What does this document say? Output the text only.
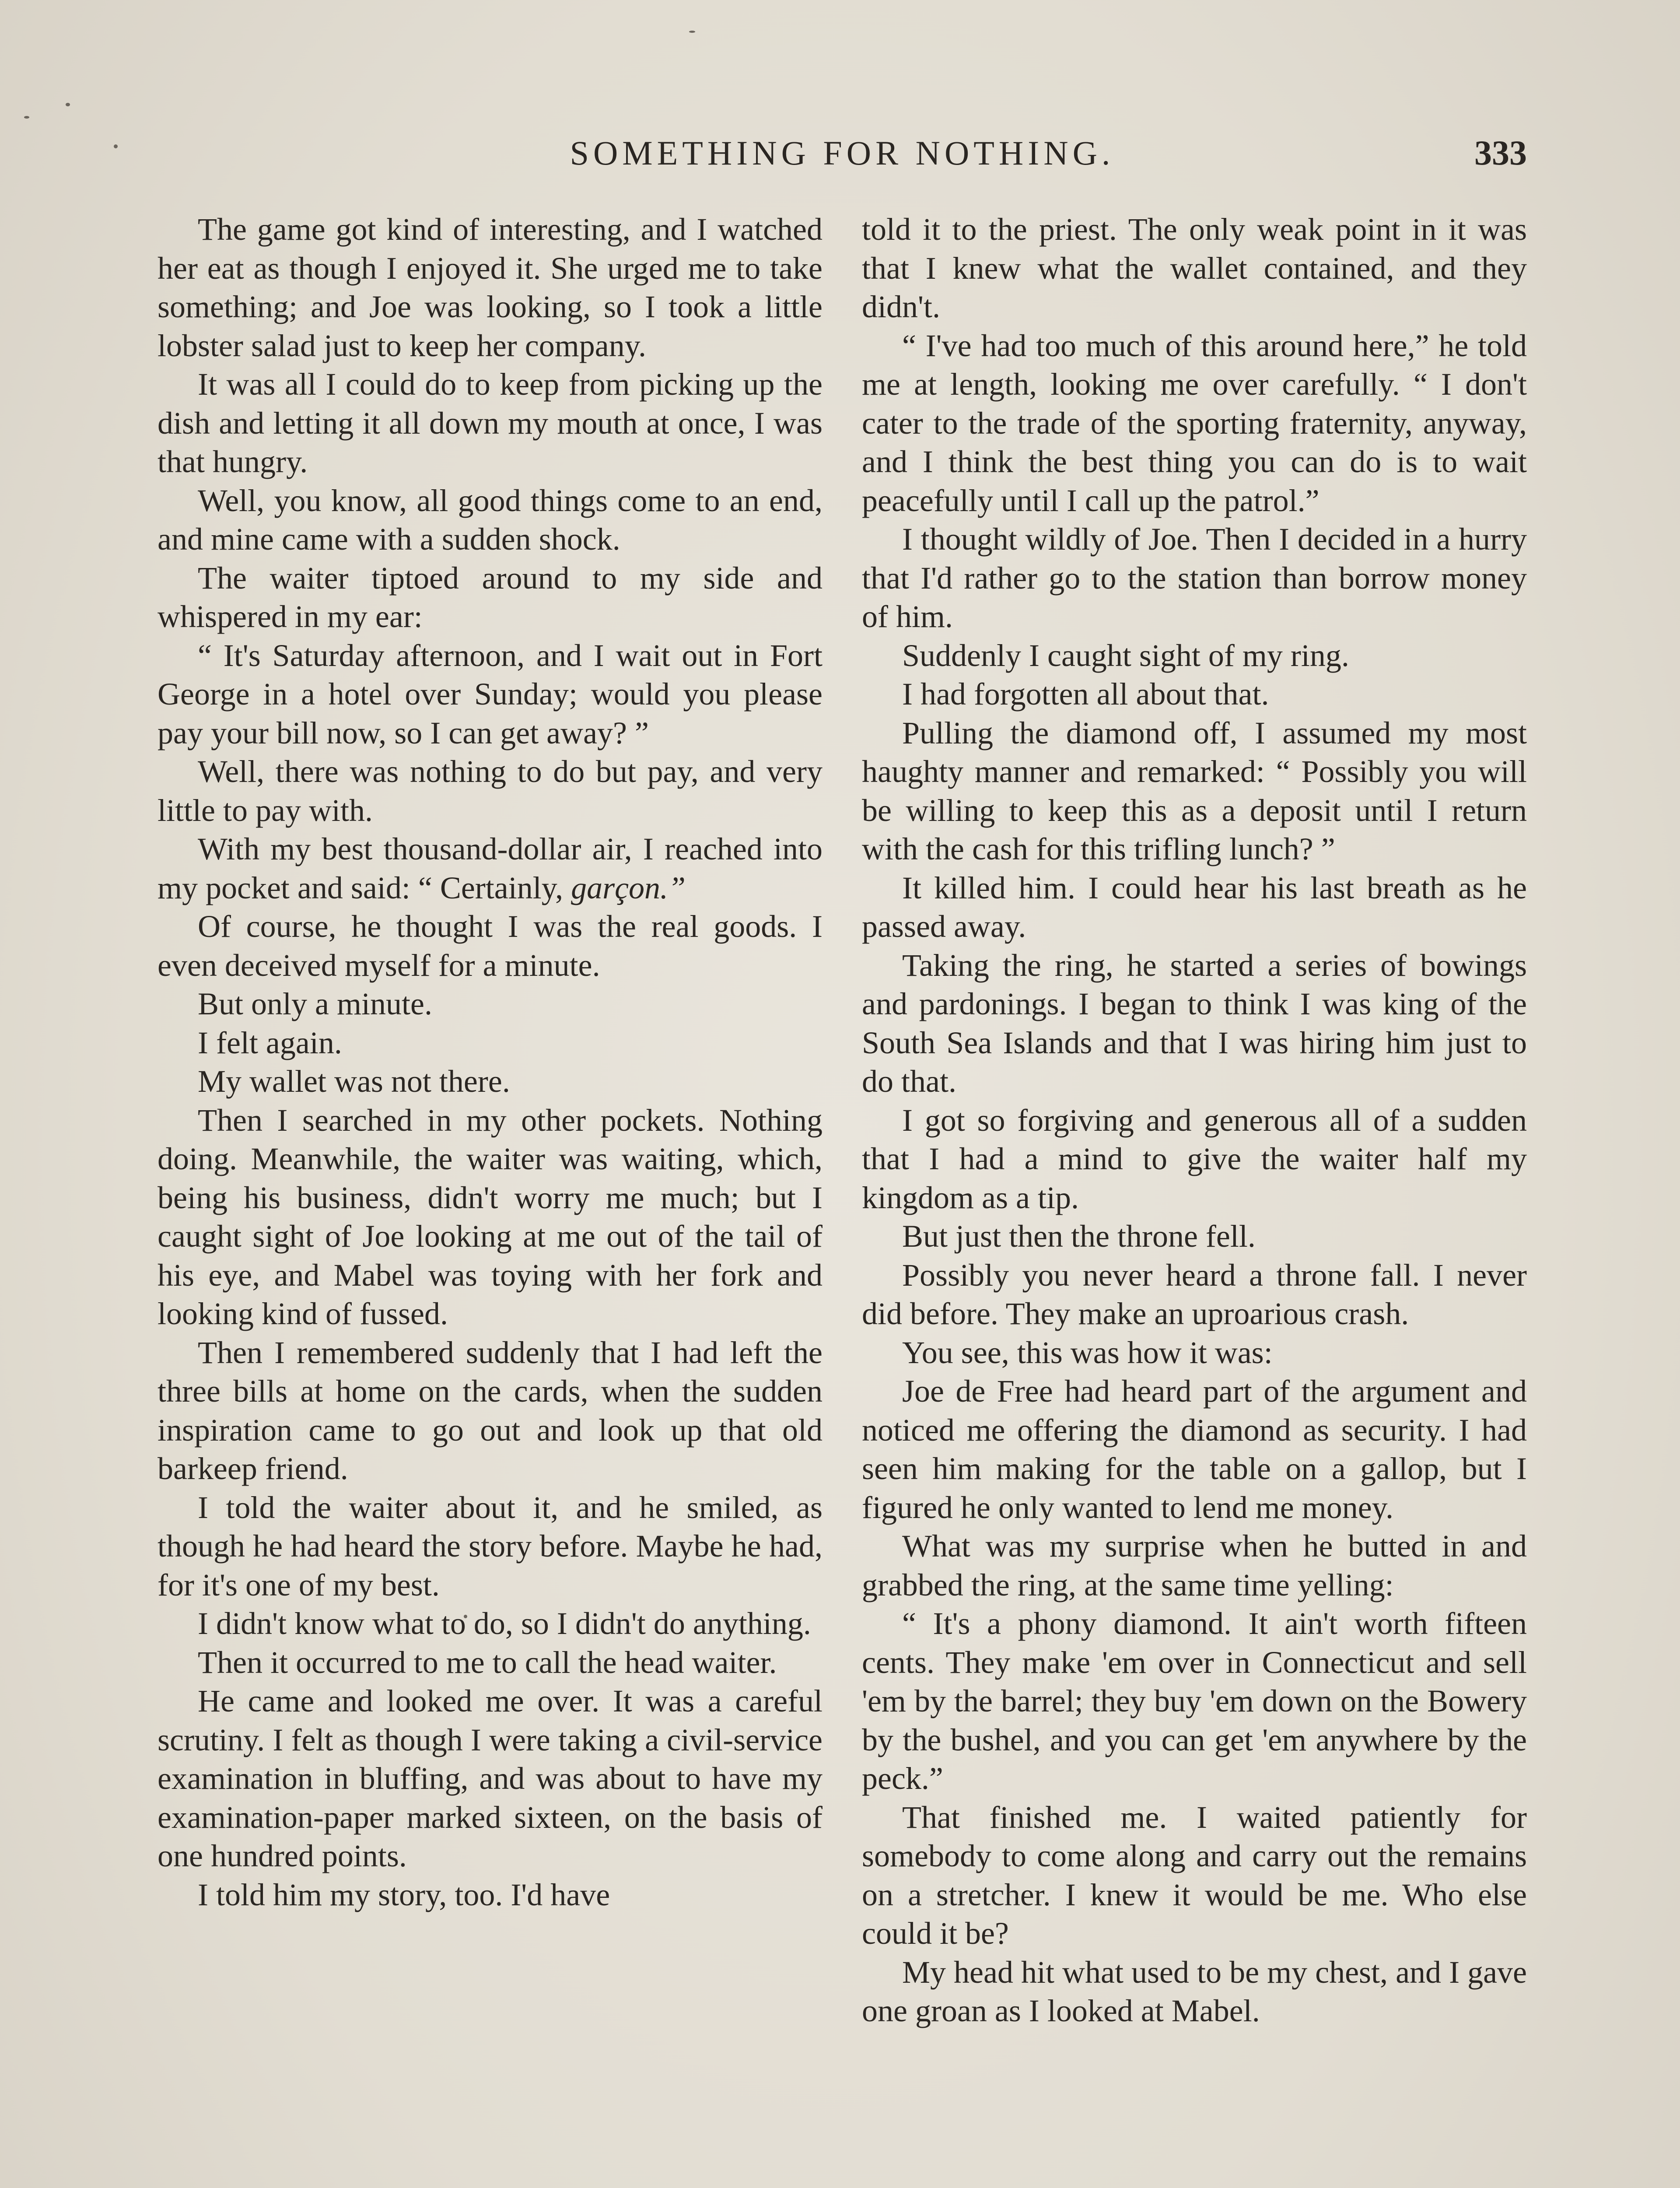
SOMETHING FOR NOTHING.	333

The game got kind of interesting, and I watched her eat as though I enjoyed it. She urged me to take something; and Joe was looking, so I took a little lobster salad just to keep her company.

It was all I could do to keep from picking up the dish and letting it all down my mouth at once, I was that hungry.

Well, you know, all good things come to an end, and mine came with a sudden shock.

The waiter tiptoed around to my side and whispered in my ear:

“ It's Saturday afternoon, and I wait out in Fort George in a hotel over Sunday; would you please pay your bill now, so I can get away? ”

Well, there was nothing to do but pay, and very little to pay with.

With my best thousand-dollar air, I reached into my pocket and said: “ Certainly, garçon.”

Of course, he thought I was the real goods. I even deceived myself for a minute.

But only a minute.

I felt again.

My wallet was not there.

Then I searched in my other pockets. Nothing doing. Meanwhile, the waiter was waiting, which, being his business, didn't worry me much; but I caught sight of Joe looking at me out of the tail of his eye, and Mabel was toying with her fork and looking kind of fussed.

Then I remembered suddenly that I had left the three bills at home on the cards, when the sudden inspiration came to go out and look up that old barkeep friend.

I told the waiter about it, and he smiled, as though he had heard the story before. Maybe he had, for it's one of my best.

I didn't know what to do, so I didn't do anything.

Then it occurred to me to call the head waiter.

He came and looked me over. It was a careful scrutiny. I felt as though I were taking a civil-service examination in bluffing, and was about to have my examination-paper marked sixteen, on the basis of one hundred points.

I told him my story, too. I'd have

told it to the priest. The only weak point in it was that I knew what the wallet contained, and they didn't.

“ I've had too much of this around here,” he told me at length, looking me over carefully. “ I don't cater to the trade of the sporting fraternity, anyway, and I think the best thing you can do is to wait peacefully until I call up the patrol.”

I thought wildly of Joe. Then I decided in a hurry that I'd rather go to the station than borrow money of him.

Suddenly I caught sight of my ring.

I had forgotten all about that.

Pulling the diamond off, I assumed my most haughty manner and remarked: “ Possibly you will be willing to keep this as a deposit until I return with the cash for this trifling lunch? ”

It killed him. I could hear his last breath as he passed away.

Taking the ring, he started a series of bowings and pardonings. I began to think I was king of the South Sea Islands and that I was hiring him just to do that.

I got so forgiving and generous all of a sudden that I had a mind to give the waiter half my kingdom as a tip.

But just then the throne fell.

Possibly you never heard a throne fall. I never did before. They make an uproarious crash.

You see, this was how it was:

Joe de Free had heard part of the argument and noticed me offering the diamond as security. I had seen him making for the table on a gallop, but I figured he only wanted to lend me money.

What was my surprise when he butted in and grabbed the ring, at the same time yelling:

“ It's a phony diamond. It ain't worth fifteen cents. They make 'em over in Connecticut and sell 'em by the barrel; they buy 'em down on the Bowery by the bushel, and you can get 'em anywhere by the peck.”

That finished me. I waited patiently for somebody to come along and carry out the remains on a stretcher. I knew it would be me. Who else could it be?

My head hit what used to be my chest, and I gave one groan as I looked at Mabel.
